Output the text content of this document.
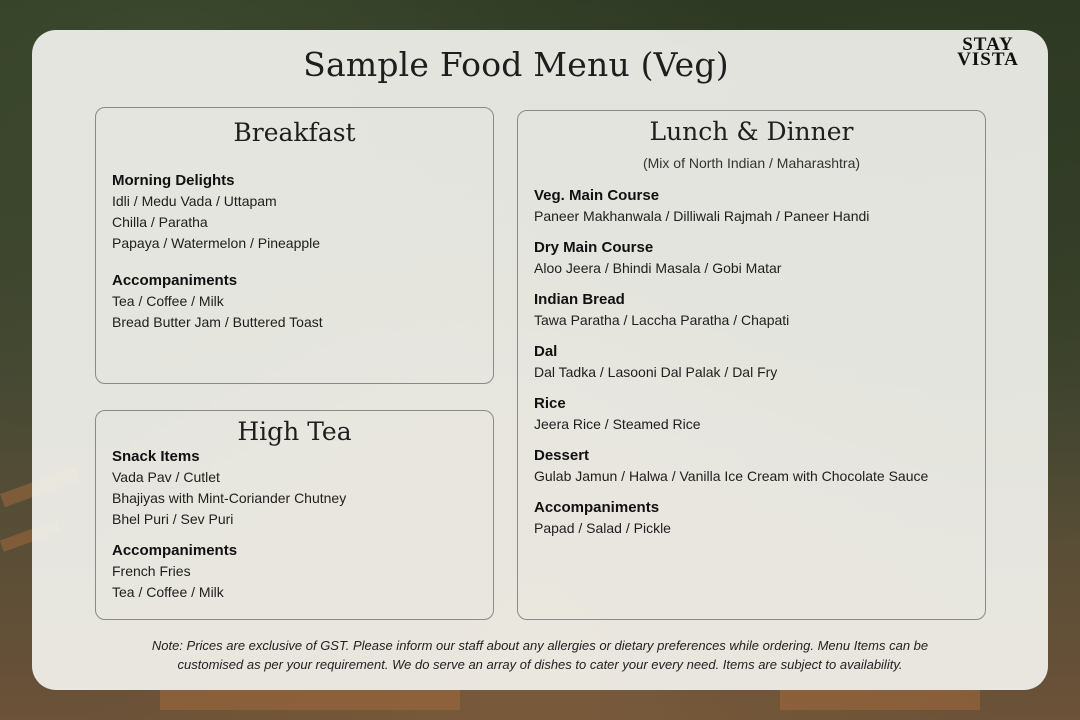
Sample Food Menu (Veg)
STAY
VISTA
Breakfast
Morning Delights
Idli / Medu Vada / Uttapam
Chilla / Paratha
Papaya / Watermelon / Pineapple
Accompaniments
Tea / Coffee / Milk
Bread Butter Jam / Buttered Toast
High Tea
Snack Items
Vada Pav / Cutlet
Bhajiyas with Mint-Coriander Chutney
Bhel Puri / Sev Puri
Accompaniments
French Fries
Tea / Coffee / Milk
Lunch & Dinner
(Mix of North Indian / Maharashtra)
Veg. Main Course
Paneer Makhanwala / Dilliwali Rajmah / Paneer Handi
Dry Main Course
Aloo Jeera / Bhindi Masala / Gobi Matar
Indian Bread
Tawa Paratha / Laccha Paratha / Chapati
Dal
Dal Tadka / Lasooni Dal Palak / Dal Fry
Rice
Jeera Rice / Steamed Rice
Dessert
Gulab Jamun / Halwa / Vanilla Ice Cream with Chocolate Sauce
Accompaniments
Papad / Salad / Pickle
Note: Prices are exclusive of GST. Please inform our staff about any allergies or dietary preferences while ordering. Menu Items can be
customised as per your requirement. We do serve an array of dishes to cater your every need. Items are subject to availability.
